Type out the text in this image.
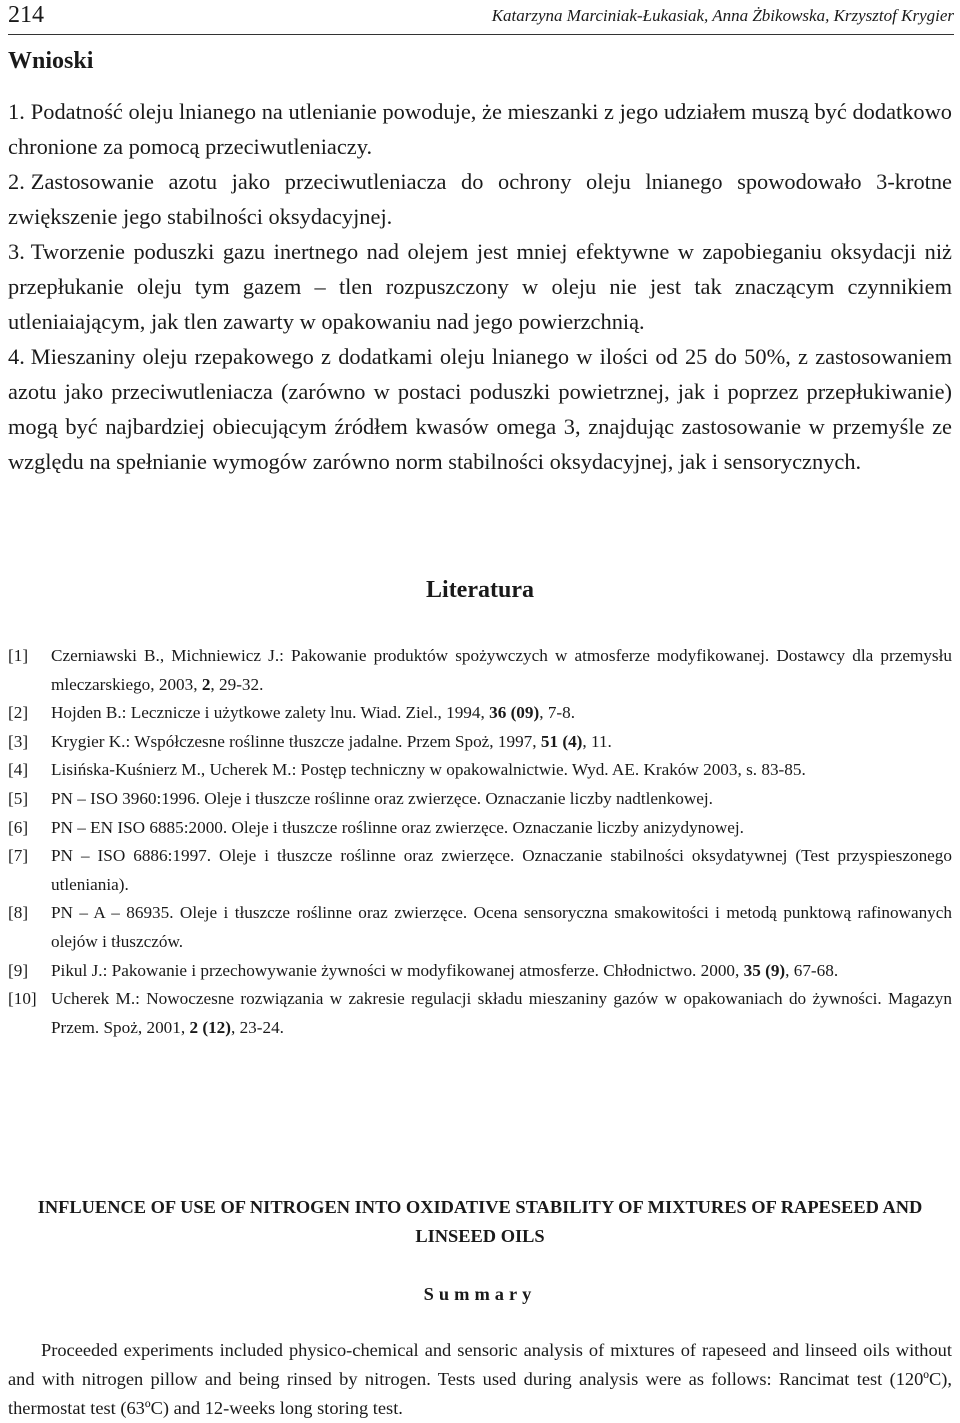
214	Katarzyna Marciniak-Łukasiak, Anna Żbikowska, Krzysztof Krygier
Wnioski
1. Podatność oleju lnianego na utlenianie powoduje, że mieszanki z jego udziałem muszą być dodatkowo chronione za pomocą przeciwutleniaczy.
2. Zastosowanie azotu jako przeciwutleniacza do ochrony oleju lnianego spowodowało 3-krotne zwiększenie jego stabilności oksydacyjnej.
3. Tworzenie poduszki gazu inertnego nad olejem jest mniej efektywne w zapobieganiu oksydacji niż przepłukanie oleju tym gazem – tlen rozpuszczony w oleju nie jest tak znaczącym czynnikiem utleniaiającym, jak tlen zawarty w opakowaniu nad jego powierzchnią.
4. Mieszaniny oleju rzepakowego z dodatkami oleju lnianego w ilości od 25 do 50%, z zastosowaniem azotu jako przeciwutleniacza (zarówno w postaci poduszki powietrznej, jak i poprzez przepłukiwanie) mogą być najbardziej obiecującym źródłem kwasów omega 3, znajdując zastosowanie w przemyśle ze względu na spełnianie wymogów zarówno norm stabilności oksydacyjnej, jak i sensorycznych.
Literatura
[1] Czerniawski B., Michniewicz J.: Pakowanie produktów spożywczych w atmosferze modyfikowanej. Dostawcy dla przemysłu mleczarskiego, 2003, 2, 29-32.
[2] Hojden B.: Lecznicze i użytkowe zalety lnu. Wiad. Ziel., 1994, 36 (09), 7-8.
[3] Krygier K.: Współczesne roślinne tłuszcze jadalne. Przem Spoż, 1997, 51 (4), 11.
[4] Lisińska-Kuśnierz M., Ucherek M.: Postęp techniczny w opakowalnictwie. Wyd. AE. Kraków 2003, s. 83-85.
[5] PN – ISO 3960:1996. Oleje i tłuszcze roślinne oraz zwierzęce. Oznaczanie liczby nadtlenkowej.
[6] PN – EN ISO 6885:2000. Oleje i tłuszcze roślinne oraz zwierzęce. Oznaczanie liczby anizydynowej.
[7] PN – ISO 6886:1997. Oleje i tłuszcze roślinne oraz zwierzęce. Oznaczanie stabilności oksydatywnej (Test przyspieszonego utleniania).
[8] PN – A – 86935. Oleje i tłuszcze roślinne oraz zwierzęce. Ocena sensoryczna smakowitości i metodą punktową rafinowanych olejów i tłuszczów.
[9] Pikul J.: Pakowanie i przechowywanie żywności w modyfikowanej atmosferze. Chłodnictwo. 2000, 35 (9), 67-68.
[10] Ucherek M.: Nowoczesne rozwiązania w zakresie regulacji składu mieszaniny gazów w opakowaniach do żywności. Magazyn Przem. Spoż, 2001, 2 (12), 23-24.
INFLUENCE OF USE OF NITROGEN INTO OXIDATIVE STABILITY OF MIXTURES OF RAPESEED AND LINSEED OILS
Summary

Proceeded experiments included physico-chemical and sensoric analysis of mixtures of rapeseed and linseed oils without and with nitrogen pillow and being rinsed by nitrogen. Tests used during analysis were as follows: Rancimat test (120ºC), thermostat test (63ºC) and 12-weeks long storing test.
